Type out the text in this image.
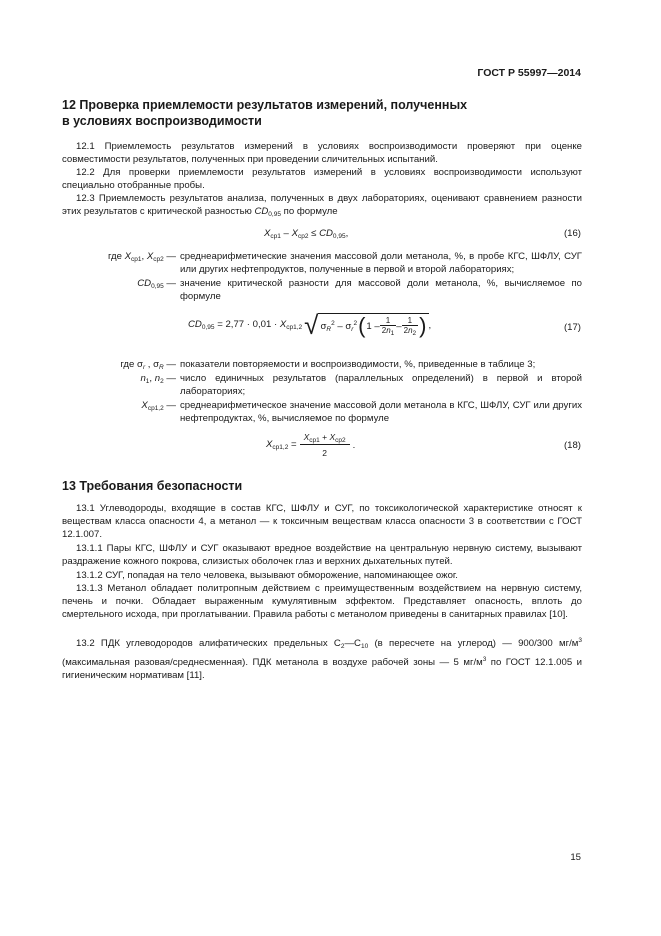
ГОСТ Р 55997—2014
12 Проверка приемлемости результатов измерений, полученных
в условиях воспроизводимости
12.1 Приемлемость результатов измерений в условиях воспроизводимости проверяют при оценке совместимости результатов, полученных при проведении сличительных испытаний.
12.2 Для проверки приемлемости результатов измерений в условиях воспроизводимости используют специально отобранные пробы.
12.3 Приемлемость результатов анализа, полученных в двух лабораториях, оценивают сравнением разности этих результатов с критической разностью $CD_{0,95}$ по формуле
$X_{ср1} - X_{ср2} \le CD_{0,95}$,	(16)
где $X_{ср1}$, $X_{ср2}$ — среднеарифметические значения массовой доли метанола, %, в пробе КГС, ШФЛУ, СУГ или других нефтепродуктов, полученные в первой и второй лабораториях;
$CD_{0,95}$ — значение критической разности для массовой доли метанола, %, вычисляемое по формуле
$CD_{0,95} = 2,77 \cdot 0,01 \cdot X_{ср1,2}$ √ $\sigma_R^2 - \sigma_r^2$ ( $1 - \frac{1}{2n_1} - \frac{1}{2n_2}$ ) ,	(17)
где $\sigma_r$ , $\sigma_R$ — показатели повторяемости и воспроизводимости, %, приведенные в таблице 3;
$n_1$, $n_2$ — число единичных результатов (параллельных определений) в первой и второй лабораториях;
$X_{ср1,2}$ — среднеарифметическое значение массовой доли метанола в КГС, ШФЛУ, СУГ или других нефтепродуктах, %, вычисляемое по формуле
$X_{ср1,2} = \frac{X_{ср1} + X_{ср2}}{2}$ .	(18)
13 Требования безопасности
13.1 Углеводороды, входящие в состав КГС, ШФЛУ и СУГ, по токсикологической характеристике относят к веществам класса опасности 4, а метанол — к токсичным веществам класса опасности 3 в соответствии с ГОСТ 12.1.007.
13.1.1 Пары КГС, ШФЛУ и СУГ оказывают вредное воздействие на центральную нервную систему, вызывают раздражение кожного покрова, слизистых оболочек глаз и верхних дыхательных путей.
13.1.2 СУГ, попадая на тело человека, вызывают обморожение, напоминающее ожог.
13.1.3 Метанол обладает политропным действием с преимущественным воздействием на нервную систему, печень и почки. Обладает выраженным кумулятивным эффектом. Представляет опасность, вплоть до смертельного исхода, при проглатывании. Правила работы с метанолом приведены в санитарных правилах [10].
13.2 ПДК углеводородов алифатических предельных $С_2—С_{10}$ (в пересчете на углерод) — 900/300 $мг/м^3$ (максимальная разовая/среднесменная). ПДК метанола в воздухе рабочей зоны — 5 $мг/м^3$ по ГОСТ 12.1.005 и гигиеническим нормативам [11].
15
